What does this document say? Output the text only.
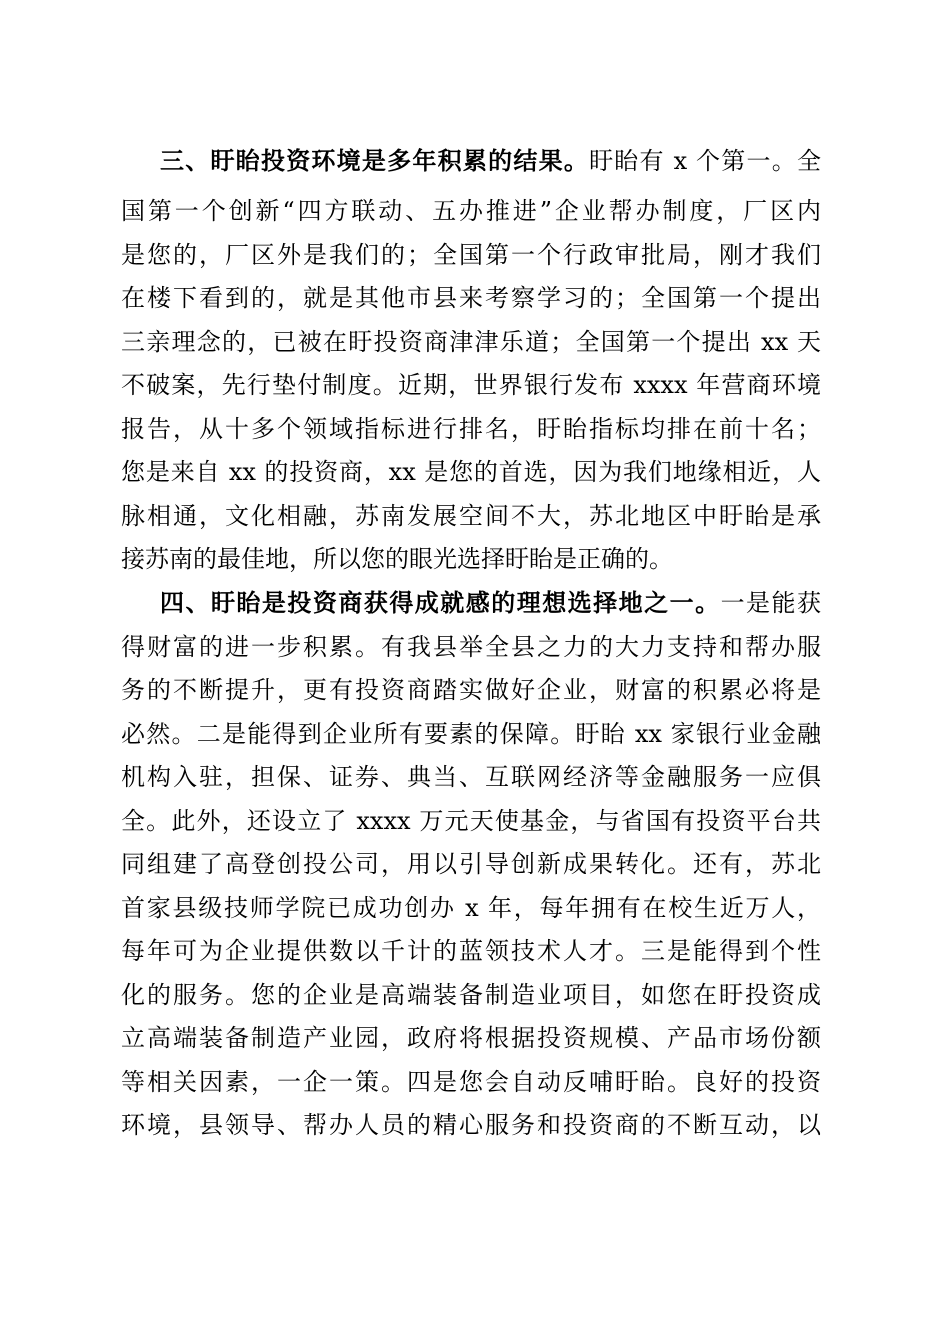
三、盱眙投资环境是多年积累的结果。盱眙有 x 个第一。全
国第一个创新“四方联动、五办推进”企业帮办制度，厂区内
是您的，厂区外是我们的；全国第一个行政审批局，刚才我们
在楼下看到的，就是其他市县来考察学习的；全国第一个提出
三亲理念的，已被在盱投资商津津乐道；全国第一个提出 xx 天
不破案，先行垫付制度。近期，世界银行发布 xxxx 年营商环境
报告，从十多个领域指标进行排名，盱眙指标均排在前十名；
您是来自 xx 的投资商，xx 是您的首选，因为我们地缘相近，人
脉相通，文化相融，苏南发展空间不大，苏北地区中盱眙是承
接苏南的最佳地，所以您的眼光选择盱眙是正确的。
四、盱眙是投资商获得成就感的理想选择地之一。一是能获
得财富的进一步积累。有我县举全县之力的大力支持和帮办服
务的不断提升，更有投资商踏实做好企业，财富的积累必将是
必然。二是能得到企业所有要素的保障。盱眙 xx 家银行业金融
机构入驻，担保、证券、典当、互联网经济等金融服务一应俱
全。此外，还设立了 xxxx 万元天使基金，与省国有投资平台共
同组建了高登创投公司，用以引导创新成果转化。还有，苏北
首家县级技师学院已成功创办 x 年，每年拥有在校生近万人，
每年可为企业提供数以千计的蓝领技术人才。三是能得到个性
化的服务。您的企业是高端装备制造业项目，如您在盱投资成
立高端装备制造产业园，政府将根据投资规模、产品市场份额
等相关因素，一企一策。四是您会自动反哺盱眙。良好的投资
环境，县领导、帮办人员的精心服务和投资商的不断互动，以
